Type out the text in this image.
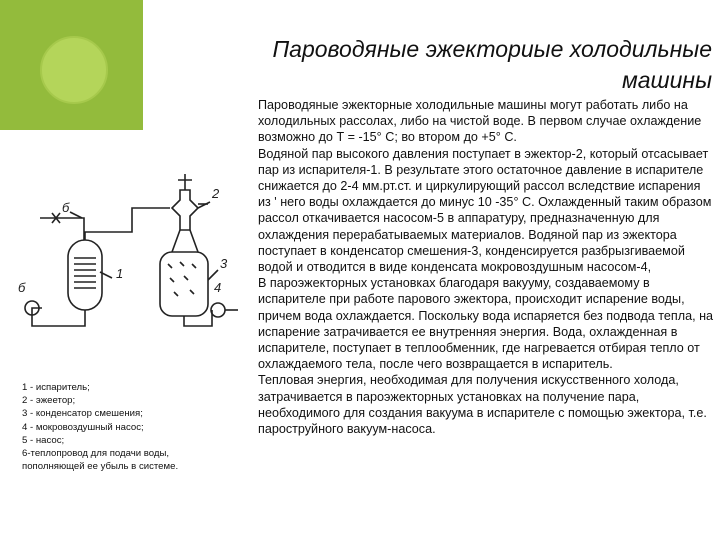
Пароводяные эжекториые холодильные машины

Пароводяные эжекторные холодильные машины могут работать либо на холодильных рассолах, либо на чистой воде. В первом случае охлаждение возможно до Т = -15° С; во втором до +5° С.

Водяной пар высокого давления поступает в эжектор-2, который отсасывает пар из испарителя-1. В результате этого остаточное давление в испарителе снижается до 2-4 мм.рт.ст. и циркулирующий рассол вследствие испарения из ' него воды охлаждается до минус 10 -35° С. Охлажденный таким образом рассол откачивается насосом-5 в аппаратуру, предназначенную для охлаждения перерабатываемых материалов. Водяной пар из эжектора поступает в конденсатор смешения-3, конденсируется разбрызгиваемой водой и отводится в виде конденсата мокровоздушным насосом-4,

В пароэжекторных установках благодаря вакууму, создаваемому в испарителе при работе парового эжектора, происходит испарение воды, причем вода охлаждается. Поскольку вода испаряется без подвода тепла, на испарение затрачивается ее внутренняя энергия. Вода, охлажденная в испарителе, поступает в теплообменник, где нагревается отбирая тепло от охлаждаемого тела, после чего возвращается в испаритель.

Тепловая энергия, необходимая для получения искусственного холода, затрачивается в пароэжекторных установках на получение пара, необходимого для создания вакуума в испарителе с помощью эжектора, т.е. пароструйного вакуум-насоса.

б
1
б
2
3
4
1 - испаритель;
2 - эжеетор;
3 - конденсатор смешения;
4 - мокровоздушный насос;
5 - насос;
6-теплопровод для подачи воды, пополняющей ее убыль в системе.
